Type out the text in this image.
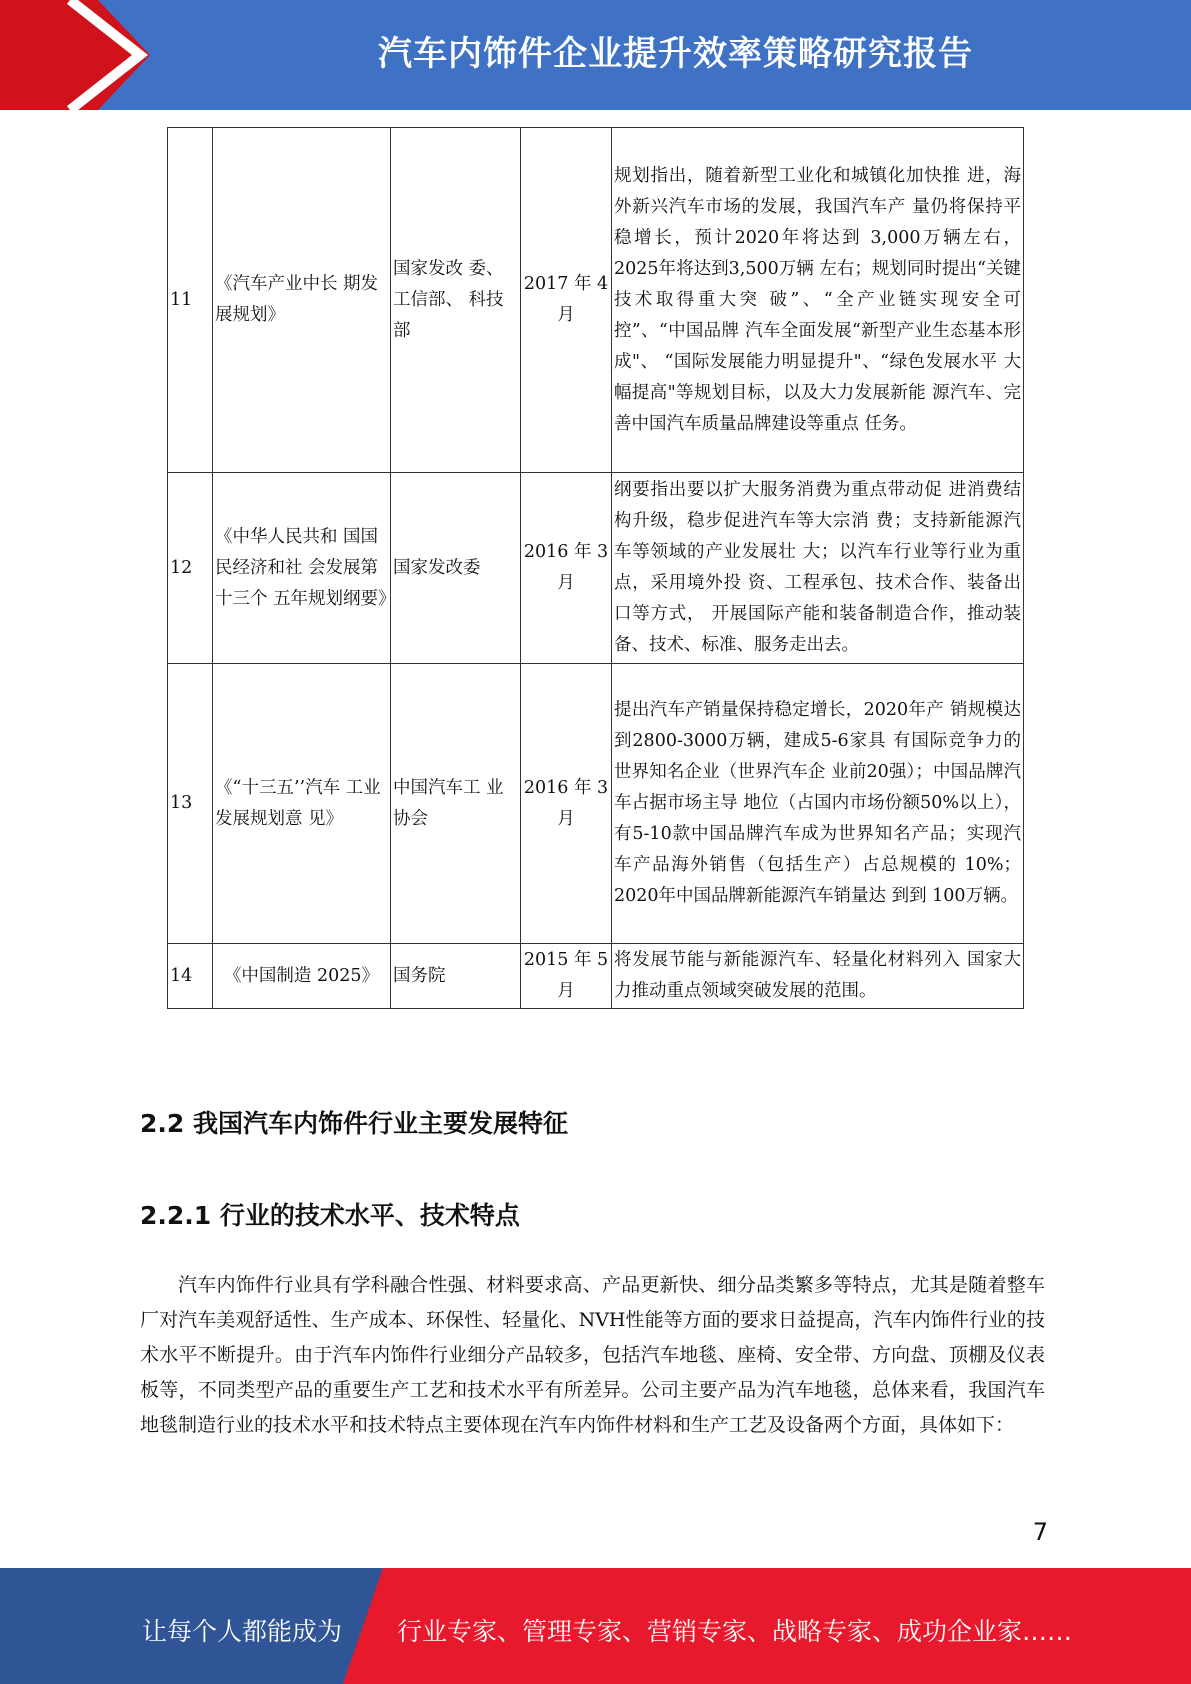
汽车内饰件企业提升效率策略研究报告
11	《汽车产业中长 期发展规划》	国家发改 委、工信部、 科技部	2017 年 4月	规划指出，随着新型工业化和城镇化加快推 进，海外新兴汽车市场的发展，我国汽车产 量仍将保持平稳增长，预计2020年将达到 3,000万辆左右，2025年将达到3,500万辆 左右；规划同时提出“关键技术取得重大突 破”、“全产业链实现安全可控”、“中国品牌 汽车全面发展“新型产业生态基本形成"、 “国际发展能力明显提升"、“绿色发展水平 大幅提高"等规划目标，以及大力发展新能 源汽车、完善中国汽车质量品牌建设等重点 任务。
12	《中华人民共和 国国民经济和社 会发展第十三个 五年规划纲要》	国家发改委	2016 年 3月	纲要指出要以扩大服务消费为重点带动促 进消费结构升级，稳步促进汽车等大宗消 费；支持新能源汽车等领域的产业发展壮 大；以汽车行业等行业为重点，采用境外投 资、工程承包、技术合作、装备出口等方式， 开展国际产能和装备制造合作，推动装备、技术、标准、服务走出去。
13	《“十三五’’汽车 工业发展规划意 见》	中国汽车工 业协会	2016 年 3月	提出汽车产销量保持稳定增长，2020年产 销规模达到2800-3000万辆，建成5-6家具 有国际竞争力的世界知名企业（世界汽车企 业前20强）；中国品牌汽车占据市场主导 地位（占国内市场份额50%以上），有5-10款中国品牌汽车成为世界知名产品；实现汽 车产品海外销售（包括生产）占总规模的 10%； 2020年中国品牌新能源汽车销量达 到到 100万辆。
14	《中国制造 2025》	国务院	2015 年 5月	将发展节能与新能源汽车、轻量化材料列入 国家大力推动重点领域突破发展的范围。
2.2 我国汽车内饰件行业主要发展特征
2.2.1 行业的技术水平、技术特点

汽车内饰件行业具有学科融合性强、材料要求高、产品更新快、细分品类繁多等特点，尤其是随着整车厂对汽车美观舒适性、生产成本、环保性、轻量化、NVH性能等方面的要求日益提高，汽车内饰件行业的技术水平不断提升。由于汽车内饰件行业细分产品较多，包括汽车地毯、座椅、安全带、方向盘、顶棚及仪表板等，不同类型产品的重要生产工艺和技术水平有所差异。公司主要产品为汽车地毯，总体来看，我国汽车地毯制造行业的技术水平和技术特点主要体现在汽车内饰件材料和生产工艺及设备两个方面，具体如下：

7
让每个人都能成为 行业专家、管理专家、营销专家、战略专家、成功企业家……
